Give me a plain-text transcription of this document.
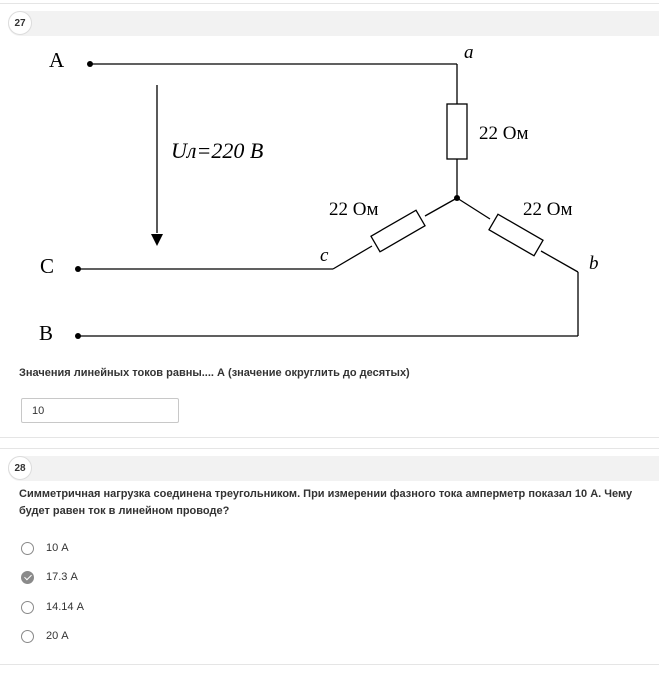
27
A
C
B
a
c	b
Uл=220 В
22 Ом
22 Ом	22 Ом
Значения линейных токов равны.... А (значение округлить до десятых)
10
28
Симметричная нагрузка соединена треугольником. При измерении фазного тока амперметр показал 10 А. Чему будет равен ток в линейном проводе?
10 А
17.3 А
14.14 А
20 А
